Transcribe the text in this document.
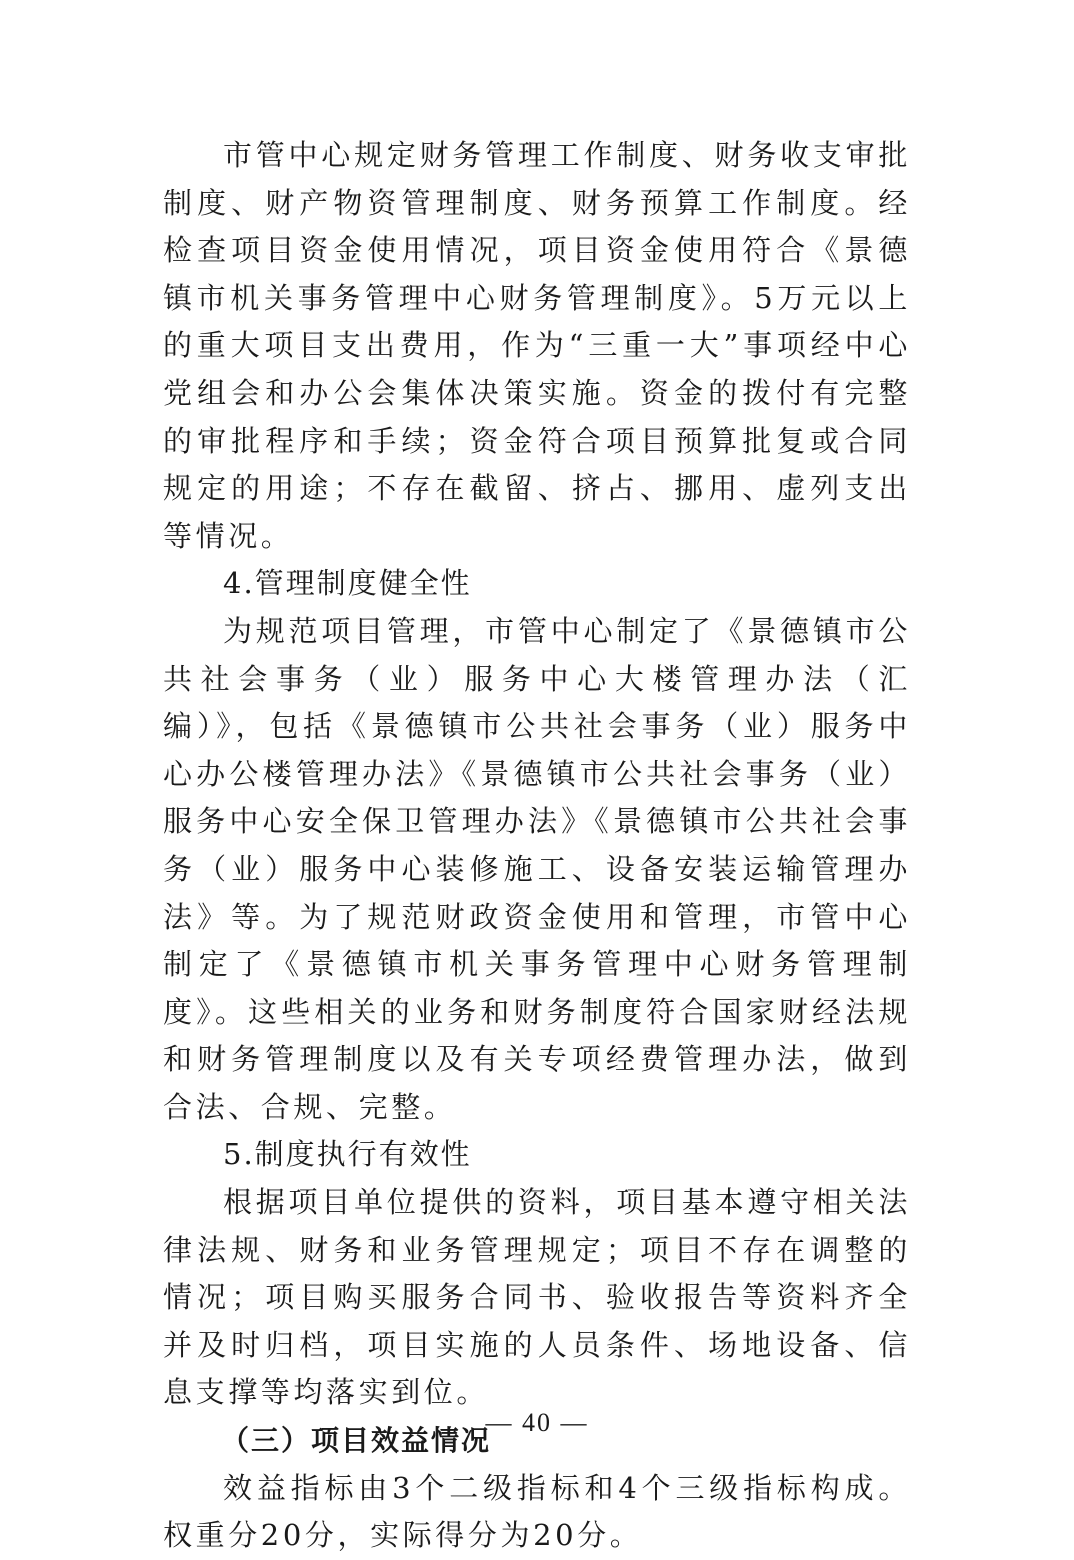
市管中心规定财务管理工作制度、财务收支审批制度、财产物资管理制度、财务预算工作制度。经检查项目资金使用情况，项目资金使用符合《景德镇市机关事务管理中心财务管理制度》。5万元以上的重大项目支出费用，作为“三重一大”事项经中心党组会和办公会集体决策实施。资金的拨付有完整的审批程序和手续；资金符合项目预算批复或合同规定的用途；不存在截留、挤占、挪用、虚列支出等情况。

4.管理制度健全性

为规范项目管理，市管中心制定了《景德镇市公共社会事务（业）服务中心大楼管理办法（汇编）》，包括《景德镇市公共社会事务（业）服务中心办公楼管理办法》《景德镇市公共社会事务（业）服务中心安全保卫管理办法》《景德镇市公共社会事务（业）服务中心装修施工、设备安装运输管理办法》等。为了规范财政资金使用和管理，市管中心制定了《景德镇市机关事务管理中心财务管理制度》。这些相关的业务和财务制度符合国家财经法规和财务管理制度以及有关专项经费管理办法，做到合法、合规、完整。

5.制度执行有效性

根据项目单位提供的资料，项目基本遵守相关法律法规、财务和业务管理规定；项目不存在调整的情况；项目购买服务合同书、验收报告等资料齐全并及时归档，项目实施的人员条件、场地设备、信息支撑等均落实到位。

（三）项目效益情况

效益指标由3个二级指标和4个三级指标构成。权重分20分，实际得分为20分。

— 40 —
